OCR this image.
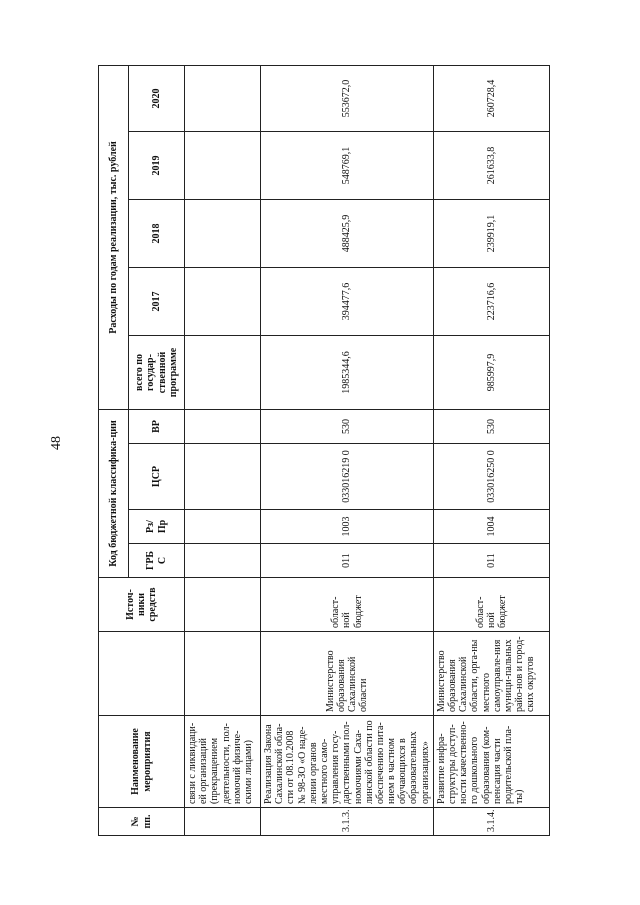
48
№ пп.	Наименование мероприятия		Источ-ники средств	Код бюджетной классифика-ции				Расходы по годам реализации, тыс. рублей				
				ГРБ С	Рз/ Пр	ЦСР	ВР	всего по государ-ственной программе	2017	2018	2019	2020
	связи с ликвидаци-ей организаций (прекращением деятельности, пол-номочий физиче-скими лицами)											
3.1.3.	Реализация Закона Сахалинской обла-сти от 08.10.2008 № 98-ЗО «О наде-лении органов местного само-управления госу-дарственными пол-номочиями Саха-линской области по обеспечению пита-нием в частном обучающихся в образовательных организациях»	Министерство образования Сахалинской области	област-ной бюджет	011	1003	033016219 0	530	1985344,6	394477,6	488425,9	548769,1	553672,0
3.1.4.	Развитие инфра-структуры доступ-ности качественно-го дошкольного образования (ком-пенсация части родительской пла-ты)	Министерство образования Сахалинской области, орга-ны местного самоуправле-ния муници-пальных райо-нов и город-ских округов	област-ной бюджет	011	1004	033016250 0	530	985997,9	223716,6	239919,1	261633,8	260728,4
